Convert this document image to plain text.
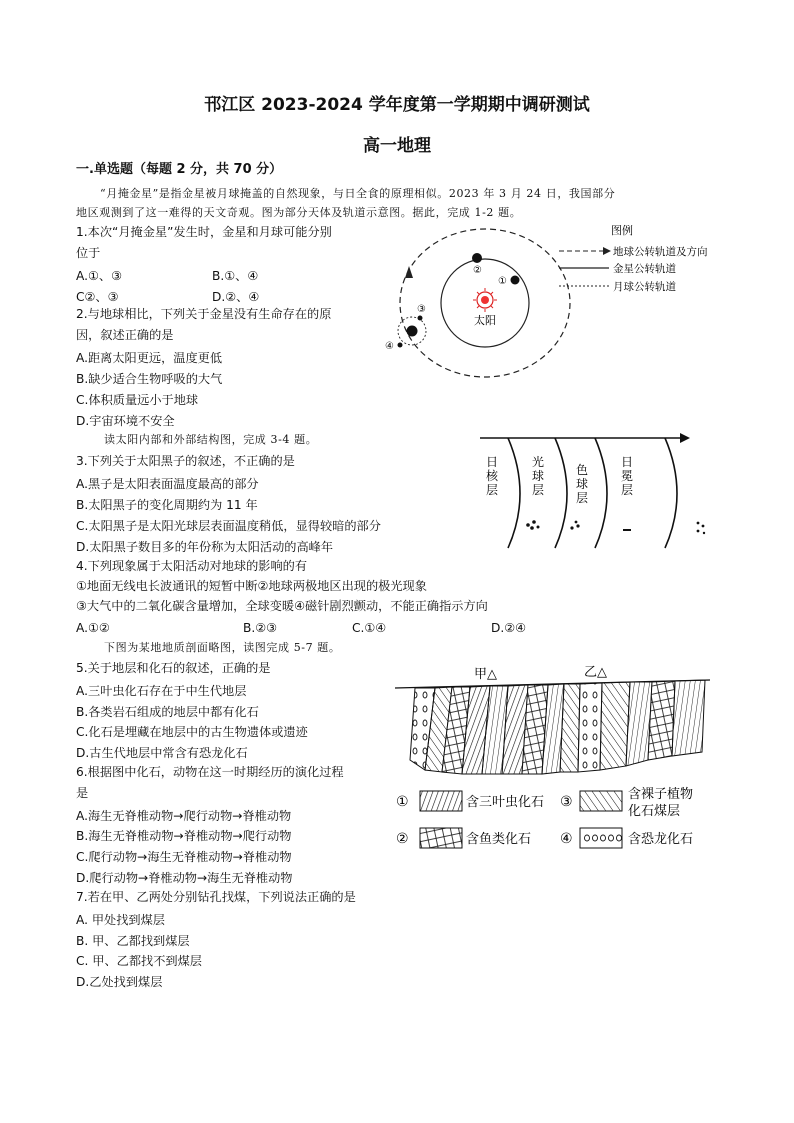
邗江区 2023-2024 学年度第一学期期中调研测试
高一地理
一.单选题（每题 2 分，共 70 分）
“月掩金星”是指金星被月球掩盖的自然现象，与日全食的原理相似。2023 年 3 月 24 日，我国部分
地区观测到了这一难得的天文奇观。图为部分天体及轨道示意图。据此，完成 1-2 题。
1.本次“月掩金星”发生时，金星和月球可能分别
位于
A.①、③	B.①、④
C②、③	D.②、④
2.与地球相比，下列关于金星没有生命存在的原
因，叙述正确的是
A.距离太阳更远，温度更低
B.缺少适合生物呼吸的大气
C.体积质量远小于地球
D.宇宙环境不安全
读太阳内部和外部结构图，完成 3-4 题。
3.下列关于太阳黑子的叙述，不正确的是
A.黑子是太阳表面温度最高的部分
B.太阳黑子的变化周期约为 11 年
C.太阳黑子是太阳光球层表面温度稍低，显得较暗的部分
D.太阳黑子数目多的年份称为太阳活动的高峰年
4.下列现象属于太阳活动对地球的影响的有
①地面无线电长波通讯的短暂中断②地球两极地区出现的极光现象
③大气中的二氧化碳含量增加，全球变暖④磁针剧烈颤动，不能正确指示方向
A.①②	B.②③	C.①④	D.②④
下图为某地地质剖面略图，读图完成 5-7 题。
5.关于地层和化石的叙述，正确的是
A.三叶虫化石存在于中生代地层
B.各类岩石组成的地层中都有化石
C.化石是埋藏在地层中的古生物遗体或遗迹
D.古生代地层中常含有恐龙化石
6.根据图中化石，动物在这一时期经历的演化过程
是
A.海生无脊椎动物→爬行动物→脊椎动物
B.海生无脊椎动物→脊椎动物→爬行动物
C.爬行动物→海生无脊椎动物→脊椎动物
D.爬行动物→脊椎动物→海生无脊椎动物
7.若在甲、乙两处分别钻孔找煤，下列说法正确的是
A. 甲处找到煤层
B. 甲、乙都找到煤层
C. 甲、乙都找不到煤层
D.乙处找到煤层
太阳
②
①
③
④
图例
地球公转轨道及方向
金星公转轨道
月球公转轨道
日核层
光球层
色球层
日冕层
甲△	乙△
①	含三叶虫化石 ③	含裸子植物
化石煤层
②	含鱼类化石 ④	含恐龙化石
